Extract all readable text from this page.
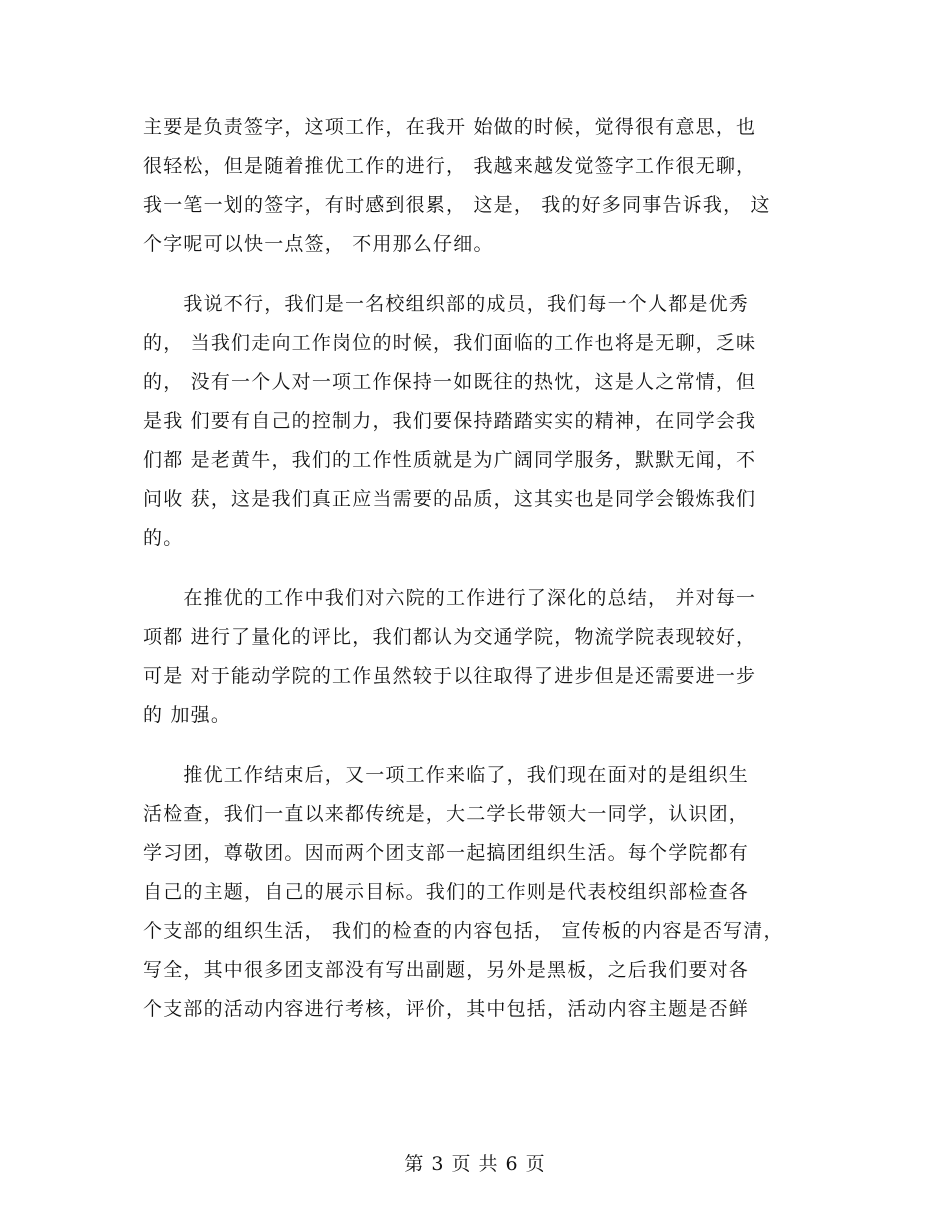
主要是负责签字，这项工作，在我开 始做的时候，觉得很有意思，也
很轻松，但是随着推优工作的进行， 我越来越发觉签字工作很无聊，
我一笔一划的签字，有时感到很累， 这是， 我的好多同事告诉我， 这
个字呢可以快一点签， 不用那么仔细。
　　我说不行，我们是一名校组织部的成员，我们每一个人都是优秀
的， 当我们走向工作岗位的时候，我们面临的工作也将是无聊，乏味
的， 没有一个人对一项工作保持一如既往的热忱，这是人之常情，但
是我 们要有自己的控制力，我们要保持踏踏实实的精神，在同学会我
们都 是老黄牛，我们的工作性质就是为广阔同学服务，默默无闻，不
问收 获，这是我们真正应当需要的品质，这其实也是同学会锻炼我们
的。
　　在推优的工作中我们对六院的工作进行了深化的总结， 并对每一
项都 进行了量化的评比，我们都认为交通学院，物流学院表现较好，
可是 对于能动学院的工作虽然较于以往取得了进步但是还需要进一步
的 加强。
　　推优工作结束后，又一项工作来临了，我们现在面对的是组织生
活检查，我们一直以来都传统是，大二学长带领大一同学，认识团，
学习团，尊敬团。因而两个团支部一起搞团组织生活。每个学院都有
自己的主题，自己的展示目标。我们的工作则是代表校组织部检查各
个支部的组织生活， 我们的检查的内容包括， 宣传板的内容是否写清，
写全，其中很多团支部没有写出副题，另外是黑板，之后我们要对各
个支部的活动内容进行考核，评价，其中包括，活动内容主题是否鲜
第 3 页 共 6 页
